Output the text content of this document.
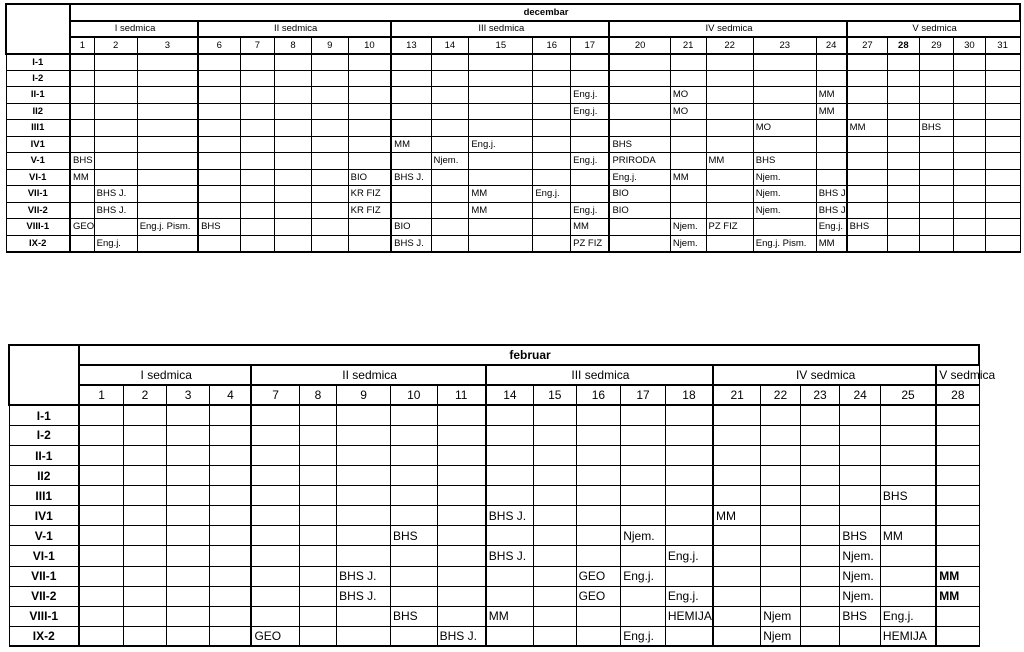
	decembar																						
	I sedmica			II sedmica					III sedmica					IV sedmica					V sedmica				
	1	2	3	6	7	8	9	10	13	14	15	16	17	20	21	22	23	24	27	28	29	30	31
I-1																							
I-2																							
II-1													Eng.j.		MO			MM					
II2													Eng.j.		MO			MM					
III1																	MO		MM		BHS		
IV1									MM		Eng.j.			BHS									
V-1	BHS									Njem.			Eng.j.	PRIRODA		MM	BHS						
VI-1	MM							BIO	BHS J.					Eng.j.	MM		Njem.						
VII-1		BHS J.						KR FIZ			MM	Eng.j.		BIO			Njem.	BHS J.					
VII-2		BHS J.						KR FIZ			MM		Eng.j.	BIO			Njem.	BHS J					
VIII-1	GEO		Eng.j. Pism.	BHS					BIO				MM		Njem.	PZ FIZ		Eng.j.	BHS				
IX-2		Eng.j.							BHS J.				PZ FIZ		Njem.		Eng.j. Pism.	MM					
	februar																			
	I sedmica				II sedmica					III sedmica					IV sedmica					V sedmica
	1	2	3	4	7	8	9	10	11	14	15	16	17	18	21	22	23	24	25	28
I-1																				
I-2																				
II-1																				
II2																				
III1																			BHS	
IV1										BHS J.					MM					
V-1								BHS					Njem.					BHS	MM	
VI-1										BHS J.				Eng.j.				Njem.		
VII-1							BHS J.					GEO	Eng.j.					Njem.		MM
VII-2							BHS J.					GEO		Eng.j.				Njem.		MM
VIII-1								BHS		MM				HEMIJA		Njem		BHS	Eng.j.	
IX-2					GEO				BHS J.				Eng.j.			Njem			HEMIJA	
